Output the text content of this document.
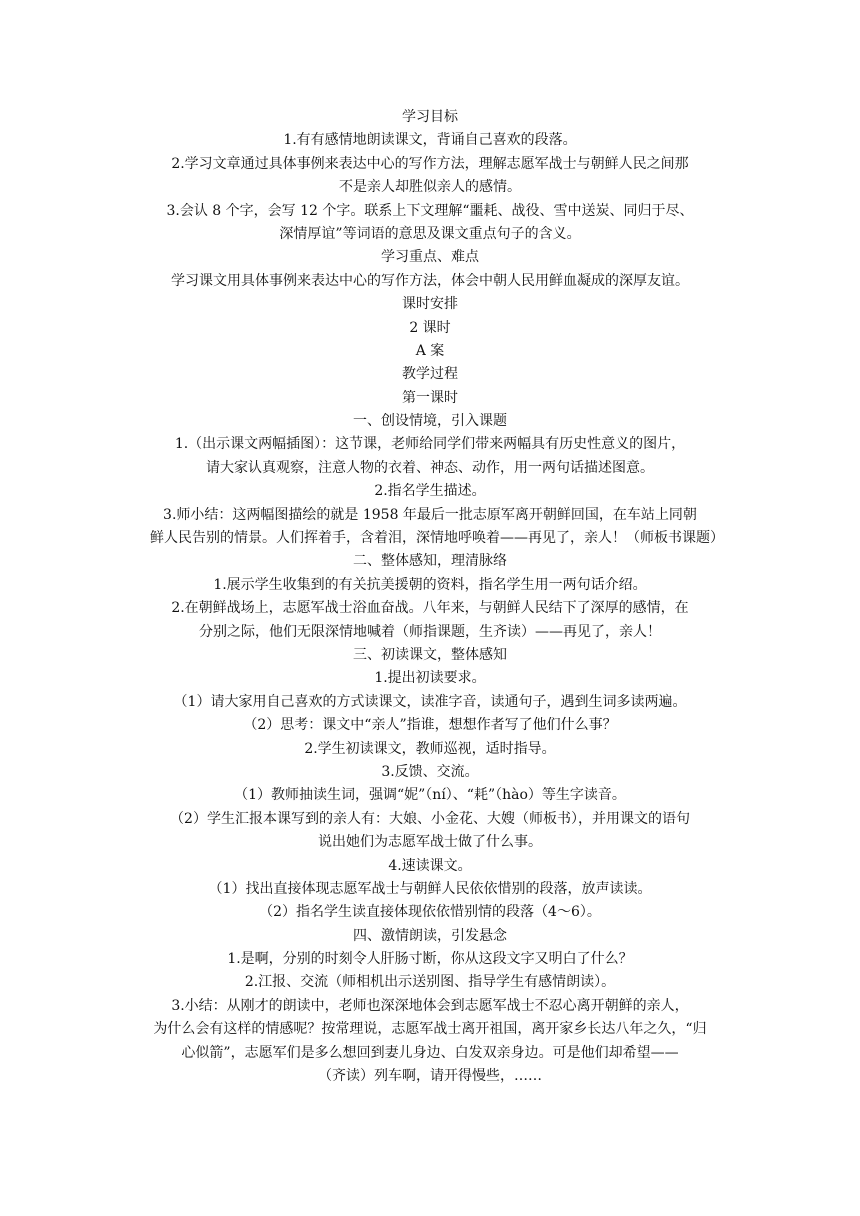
学习目标
1.有有感情地朗读课文，背诵自己喜欢的段落。
2.学习文章通过具体事例来表达中心的写作方法，理解志愿军战士与朝鲜人民之间那
不是亲人却胜似亲人的感情。
3.会认 8 个字，会写 12 个字。联系上下文理解“噩耗、战役、雪中送炭、同归于尽、
深情厚谊”等词语的意思及课文重点句子的含义。
学习重点、难点
学习课文用具体事例来表达中心的写作方法，体会中朝人民用鲜血凝成的深厚友谊。
课时安排
2 课时
A 案
教学过程
第一课时
一、创设情境，引入课题
1.（出示课文两幅插图）：这节课，老师给同学们带来两幅具有历史性意义的图片，
请大家认真观察，注意人物的衣着、神态、动作，用一两句话描述图意。
2.指名学生描述。
3.师小结：这两幅图描绘的就是 1958 年最后一批志原军离开朝鲜回国，在车站上同朝
鲜人民告别的情景。人们挥着手，含着泪，深情地呼唤着——再见了，亲人！（师板书课题）
二、整体感知，理清脉络
1.展示学生收集到的有关抗美援朝的资料，指名学生用一两句话介绍。
2.在朝鲜战场上，志愿军战士浴血奋战。八年来，与朝鲜人民结下了深厚的感情，在
分别之际，他们无限深情地喊着（师指课题，生齐读）——再见了，亲人！
三、初读课文，整体感知
1.提出初读要求。
（1）请大家用自己喜欢的方式读课文，读准字音，读通句子，遇到生词多读两遍。
（2）思考：课文中“亲人”指谁，想想作者写了他们什么事？
2.学生初读课文，教师巡视，适时指导。
3.反馈、交流。
（1）教师抽读生词，强调“妮”（ní）、“耗”（hào）等生字读音。
（2）学生汇报本课写到的亲人有：大娘、小金花、大嫂（师板书），并用课文的语句
说出她们为志愿军战士做了什么事。
4.速读课文。
（1）找出直接体现志愿军战士与朝鲜人民依依惜别的段落，放声读读。
（2）指名学生读直接体现依依惜别情的段落（4～6）。
四、激情朗读，引发悬念
1.是啊，分别的时刻令人肝肠寸断，你从这段文字又明白了什么？
2.江报、交流（师相机出示送别图、指导学生有感情朗读）。
3.小结：从刚才的朗读中，老师也深深地体会到志愿军战士不忍心离开朝鲜的亲人，
为什么会有这样的情感呢？按常理说，志愿军战士离开祖国，离开家乡长达八年之久，“归
心似箭”，志愿军们是多么想回到妻儿身边、白发双亲身边。可是他们却希望——
（齐读）列车啊，请开得慢些，……
